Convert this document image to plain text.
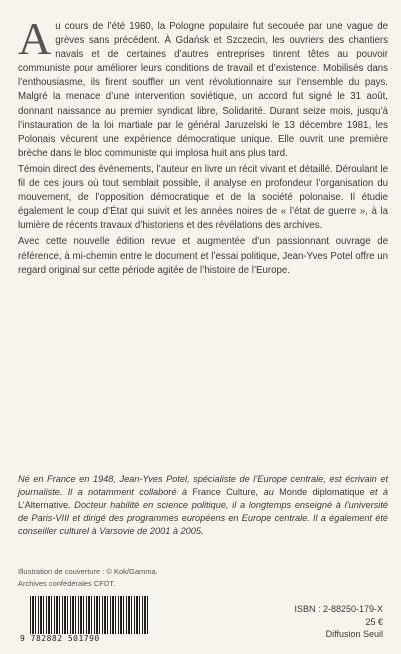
Au cours de l’été 1980, la Pologne populaire fut secouée par une vague de grèves sans précédent. À Gdańsk et Szczecin, les ouvriers des chantiers navals et de certaines d’autres entreprises tinrent têtes au pouvoir communiste pour améliorer leurs conditions de travail et d’existence. Mobilisés dans l’enthousiasme, ils firent souffler un vent révolutionnaire sur l’ensemble du pays. Malgré la menace d’une intervention soviétique, un accord fut signé le 31 août, donnant naissance au premier syndicat libre, Solidarité. Durant seize mois, jusqu’à l’instauration de la loi martiale par le général Jaruzelski le 13 décembre 1981, les Polonais vécurent une expérience démocratique unique. Elle ouvrit une première brèche dans le bloc communiste qui implosa huit ans plus tard.

Témoin direct des événements, l’auteur en livre un récit vivant et détaillé. Déroulant le fil de ces jours où tout semblait possible, il analyse en profondeur l’organisation du mouvement, de l’opposition démocratique et de la société polonaise. Il étudie également le coup d’État qui suivit et les années noires de « l’état de guerre », à la lumière de récents travaux d’historiens et des révélations des archives.

Avec cette nouvelle édition revue et augmentée d’un passionnant ouvrage de référence, à mi-chemin entre le document et l’essai politique, Jean-Yves Potel offre un regard original sur cette période agitée de l’histoire de l’Europe.

Né en France en 1948, Jean-Yves Potel, spécialiste de l’Europe centrale, est écrivain et journaliste. Il a notamment collaboré à France Culture, au Monde diplomatique et à L’Alternative. Docteur habilité en science politique, il a longtemps enseigné à l’université de Paris-VIII et dirigé des programmes européens en Europe centrale. Il a également été conseiller culturel à Varsovie de 2001 à 2005.
Illustration de couverture : © Kok/Gamma.
Archives confédérales CFDT.
9 782882 501790
ISBN : 2-88250-179-X
25 €
Diffusion Seuil
